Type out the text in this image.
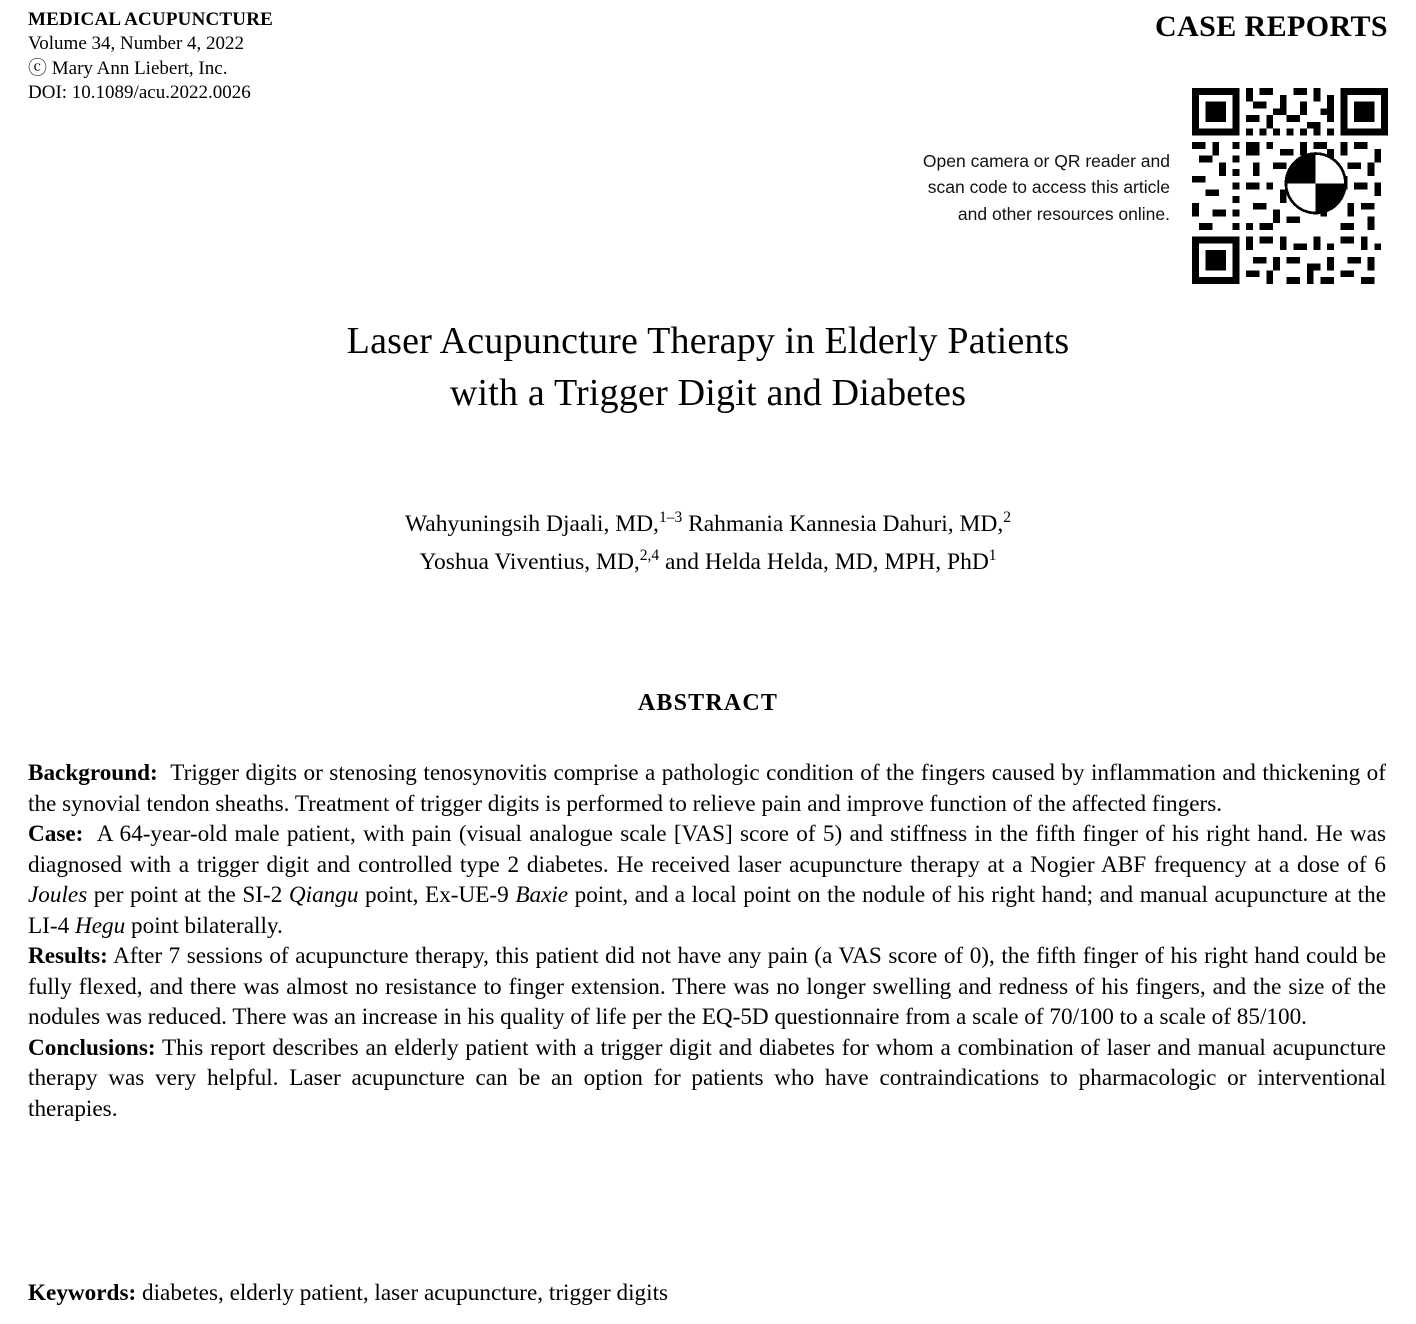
MEDICAL ACUPUNCTURE
Volume 34, Number 4, 2022
ⓒ Mary Ann Liebert, Inc.
DOI: 10.1089/acu.2022.0026
CASE REPORTS
Open camera or QR reader and
scan code to access this article
and other resources online.
Laser Acupuncture Therapy in Elderly Patients
with a Trigger Digit and Diabetes
Wahyuningsih Djaali, MD,$^{1-3}$ Rahmania Kannesia Dahuri, MD,$^2$
Yoshua Viventius, MD,$^{2,4}$ and Helda Helda, MD, MPH, PhD$^1$
ABSTRACT

Background: Trigger digits or stenosing tenosynovitis comprise a pathologic condition of the fingers caused by inflammation and thickening of the synovial tendon sheaths. Treatment of trigger digits is performed to relieve pain and improve function of the affected fingers.

Case: A 64-year-old male patient, with pain (visual analogue scale [VAS] score of 5) and stiffness in the fifth finger of his right hand. He was diagnosed with a trigger digit and controlled type 2 diabetes. He received laser acupuncture therapy at a Nogier ABF frequency at a dose of 6 Joules per point at the SI-2 Qiangu point, Ex-UE-9 Baxie point, and a local point on the nodule of his right hand; and manual acupuncture at the LI-4 Hegu point bilaterally.

Results: After 7 sessions of acupuncture therapy, this patient did not have any pain (a VAS score of 0), the fifth finger of his right hand could be fully flexed, and there was almost no resistance to finger extension. There was no longer swelling and redness of his fingers, and the size of the nodules was reduced. There was an increase in his quality of life per the EQ-5D questionnaire from a scale of 70/100 to a scale of 85/100.

Conclusions: This report describes an elderly patient with a trigger digit and diabetes for whom a combination of laser and manual acupuncture therapy was very helpful. Laser acupuncture can be an option for patients who have contraindications to pharmacologic or interventional therapies.

Keywords: diabetes, elderly patient, laser acupuncture, trigger digits
